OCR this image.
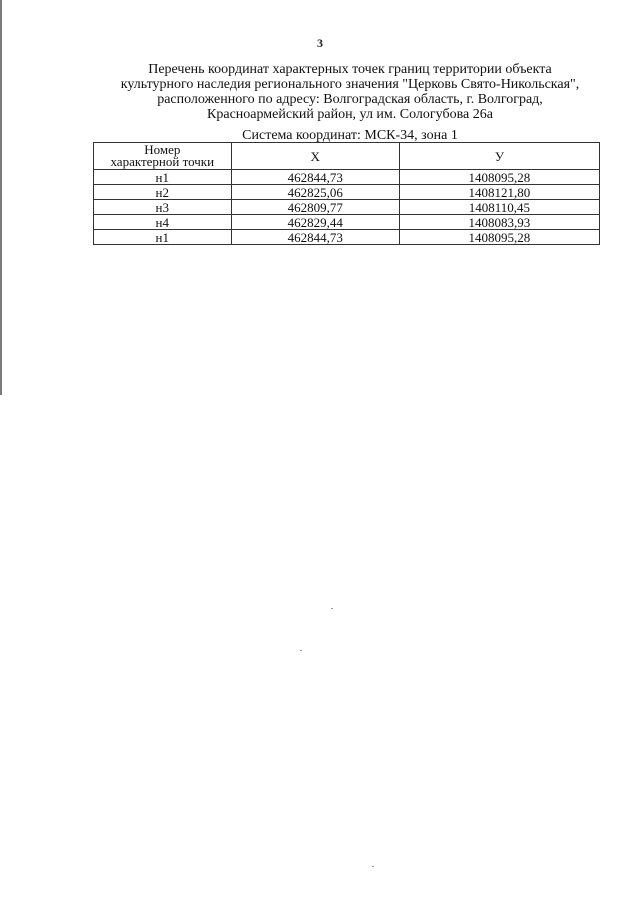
3
Перечень координат характерных точек границ территории объекта
культурного наследия регионального значения "Церковь Свято-Никольская",
расположенного по адресу: Волгоградская область, г. Волгоград,
Красноармейский район, ул им. Сологубова 26а
Система координат: МСК-34, зона 1
Номер
характерной точки	X	У
н1	462844,73	1408095,28
н2	462825,06	1408121,80
н3	462809,77	1408110,45
н4	462829,44	1408083,93
н1	462844,73	1408095,28
